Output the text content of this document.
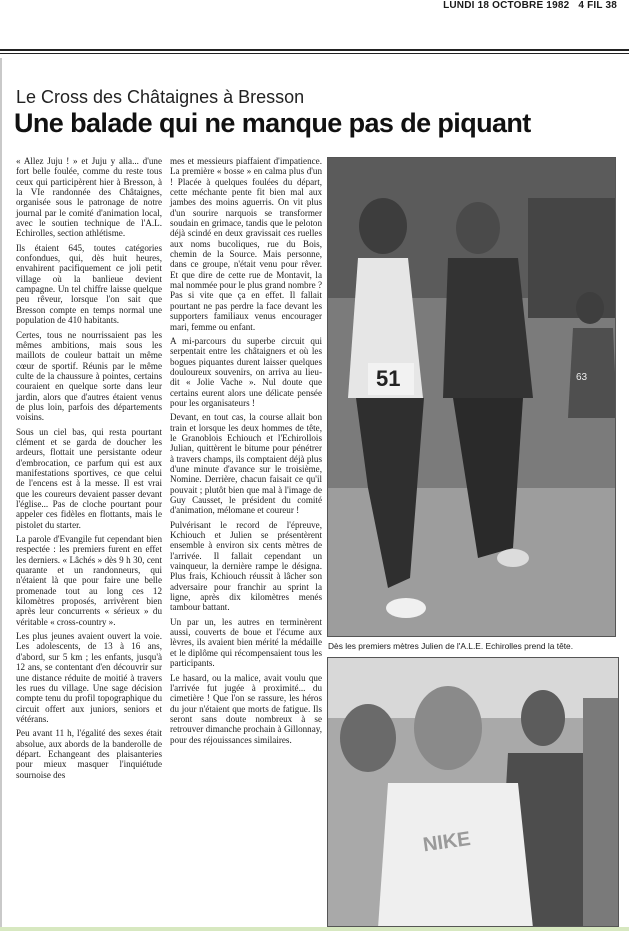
LUNDI 18 OCTOBRE 1982 4 FIL 38
Le Cross des Châtaignes à Bresson
Une balade qui ne manque pas de piquant

« Allez Juju ! » et Juju y alla... d'une fort belle foulée, comme du reste tous ceux qui participèrent hier à Bresson, à la VIe randonnée des Châtaignes, organisée sous le patronage de notre journal par le comité d'animation local, avec le soutien technique de l'A.L. Echirolles, section athlétisme.

Ils étaient 645, toutes catégories confondues, qui, dès huit heures, envahirent pacifiquement ce joli petit village où la banlieue devient campagne. Un tel chiffre laisse quelque peu rêveur, lorsque l'on sait que Bresson compte en temps normal une population de 410 habitants.

Certes, tous ne nourrissaient pas les mêmes ambitions, mais sous les maillots de couleur battait un même cœur de sportif. Réunis par le même culte de la chaussure à pointes, certains couraient en quelque sorte dans leur jardin, alors que d'autres étaient venus de plus loin, parfois des départements voisins.

Sous un ciel bas, qui resta pourtant clément et se garda de doucher les ardeurs, flottait une persistante odeur d'embrocation, ce parfum qui est aux manifestations sportives, ce que celui de l'encens est à la messe. Il est vrai que les coureurs devaient passer devant l'église... Pas de cloche pourtant pour appeler ces fidèles en flottants, mais le pistolet du starter.

La parole d'Evangile fut cependant bien respectée : les premiers furent en effet les derniers. « Lâchés » dès 9 h 30, cent quarante et un randonneurs, qui n'étaient là que pour faire une belle promenade tout au long ces 12 kilomètres proposés, arrivèrent bien après leur concurrents « sérieux » du véritable « cross-country ».

Les plus jeunes avaient ouvert la voie. Les adolescents, de 13 à 16 ans, d'abord, sur 5 km ; les enfants, jusqu'à 12 ans, se contentant d'en découvrir sur une distance réduite de moitié à travers les rues du village. Une sage décision compte tenu du profil topographique du circuit offert aux juniors, seniors et vétérans.

Peu avant 11 h, l'égalité des sexes était absolue, aux abords de la banderolle de départ. Echangeant des plaisanteries pour mieux masquer l'inquiétude sournoise des

mes et messieurs piaffaient d'impatience. La première « bosse » en calma plus d'un ! Placée à quelques foulées du départ, cette méchante pente fit bien mal aux jambes des moins aguerris. On vit plus d'un sourire narquois se transformer soudain en grimace, tandis que le peloton déjà scindé en deux gravissait ces ruelles aux noms bucoliques, rue du Bois, chemin de la Source. Mais personne, dans ce groupe, n'était venu pour rêver. Et que dire de cette rue de Montavit, la mal nommée pour le plus grand nombre ? Pas si vite que ça en effet. Il fallait pourtant ne pas perdre la face devant les supporters familiaux venus encourager mari, femme ou enfant.

A mi-parcours du superbe circuit qui serpentait entre les châtaigners et où les bogues piquantes durent laisser quelques douloureux souvenirs, on arriva au lieu-dit « Jolie Vache ». Nul doute que certains eurent alors une délicate pensée pour les organisateurs !

Devant, en tout cas, la course allait bon train et lorsque les deux hommes de tête, le Granoblois Echiouch et l'Echirollois Julian, quittèrent le bitume pour pénétrer à travers champs, ils comptaient déjà plus d'une minute d'avance sur le troisième, Nomine. Derrière, chacun faisait ce qu'il pouvait ; plutôt bien que mal à l'image de Guy Causset, le président du comité d'animation, mélomane et coureur !

Pulvérisant le record de l'épreuve, Kchiouch et Julien se présentèrent ensemble à environ six cents mètres de l'arrivée. Il fallait cependant un vainqueur, la dernière rampe le désigna. Plus frais, Kchiouch réussit à lâcher son adversaire pour franchir au sprint la ligne, après dix kilomètres menés tambour battant.

Un par un, les autres en terminèrent aussi, couverts de boue et l'écume aux lèvres, ils avaient bien mérité la médaille et le diplôme qui récompensaient tous les participants.

Le hasard, ou la malice, avait voulu que l'arrivée fut jugée à proximité... du cimetière ! Que l'on se rassure, les héros du jour n'étaient que morts de fatigue. Ils seront sans doute nombreux à se retrouver dimanche prochain à Gillonnay, pour des réjouissances similaires.

51	63
Dès les premiers mètres Julien de l'A.L.E. Echirolles prend la tête.
NIKE
